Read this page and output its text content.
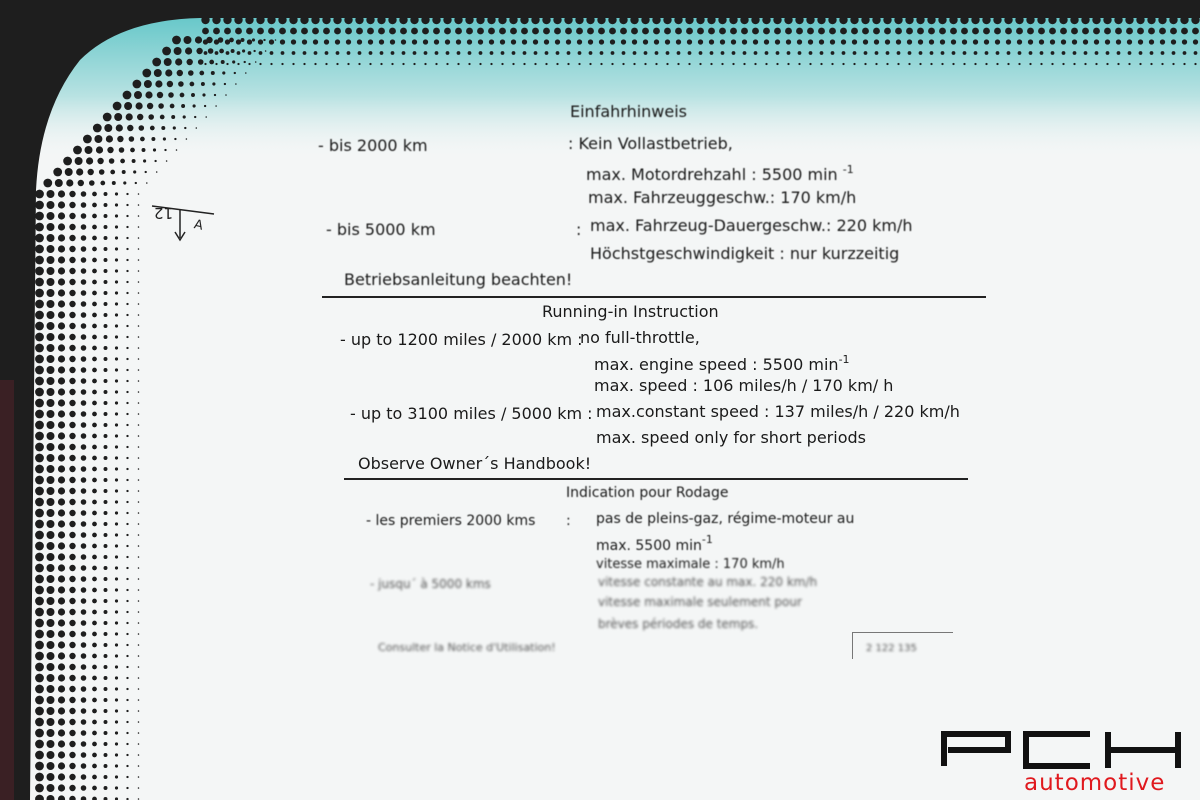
Einfahrhinweis
- bis 2000 km	: Kein Vollastbetrieb,
max. Motordrehzahl : 5500 min $^{-1}$
max. Fahrzeuggeschw.: 170 km/h
- bis 5000 km	: max. Fahrzeug-Dauergeschw.: 220 km/h
Höchstgeschwindigkeit : nur kurzzeitig
Betriebsanleitung beachten!
Running-in Instruction
- up to 1200 miles / 2000 km :
no full-throttle,
max. engine speed : 5500 $\min^{-1}$
max. speed : 106 miles/h / 170 km/ h
- up to 3100 miles / 5000 km : max.constant speed : 137 miles/h / 220 km/h
max. speed only for short periods
Observe Owner´s Handbook!
Indication pour Rodage
- les premiers 2000 kms : pas de pleins-gaz, régime-moteur au
max. 5500 $\min^{-1}$
vitesse maximale : 170 km/h
- jusqu´ à 5000 kms	vitesse constante au max. 220 km/h
vitesse maximale seulement pour
brèves périodes de temps.
Consulter la Notice d'Utilisation!	2 122 135
12
A
automotive
